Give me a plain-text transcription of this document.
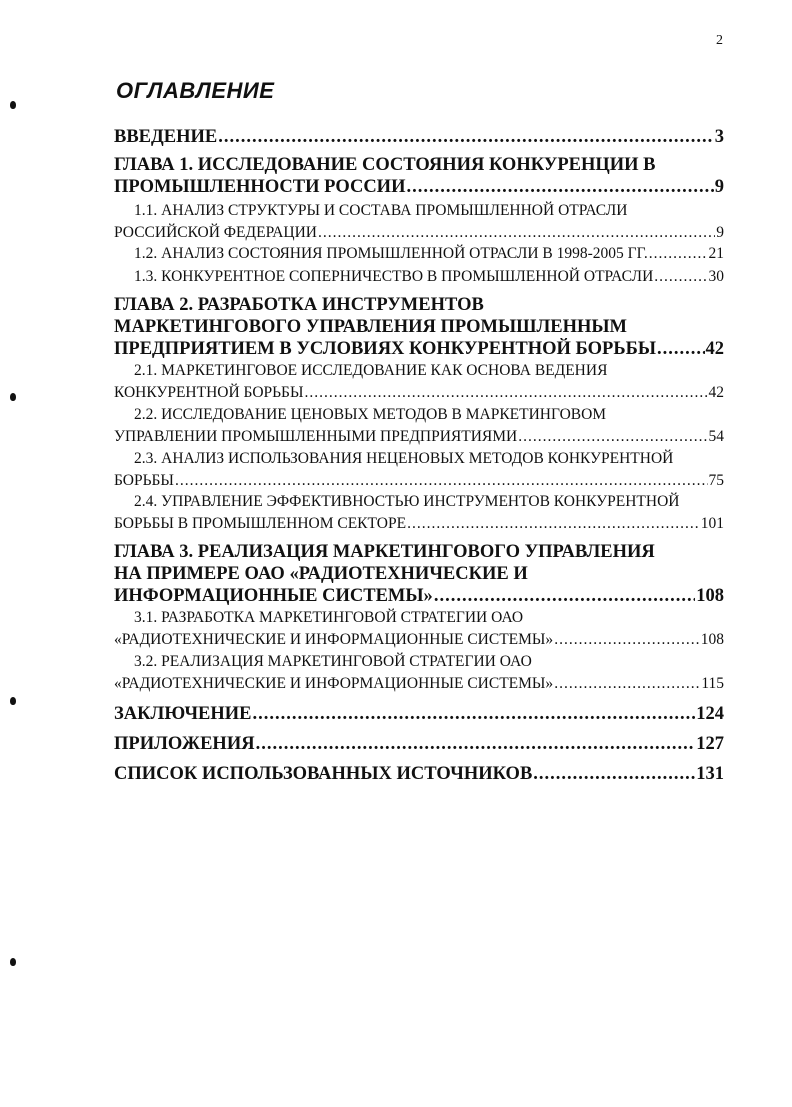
2
ОГЛАВЛЕНИЕ
ВВЕДЕНИЕ .....	3
ГЛАВА 1. ИССЛЕДОВАНИЕ СОСТОЯНИЯ КОНКУРЕНЦИИ В
ПРОМЫШЛЕННОСТИ РОССИИ .....	9
1.1. АНАЛИЗ СТРУКТУРЫ И СОСТАВА ПРОМЫШЛЕННОЙ ОТРАСЛИ
РОССИЙСКОЙ ФЕДЕРАЦИИ .....	9
1.2. АНАЛИЗ СОСТОЯНИЯ ПРОМЫШЛЕННОЙ ОТРАСЛИ В 1998-2005 ГГ. .....	21
1.3. КОНКУРЕНТНОЕ СОПЕРНИЧЕСТВО В ПРОМЫШЛЕННОЙ ОТРАСЛИ .....	30
ГЛАВА 2. РАЗРАБОТКА ИНСТРУМЕНТОВ
МАРКЕТИНГОВОГО УПРАВЛЕНИЯ ПРОМЫШЛЕННЫМ
ПРЕДПРИЯТИЕМ В УСЛОВИЯХ КОНКУРЕНТНОЙ БОРЬБЫ .....	42
2.1. МАРКЕТИНГОВОЕ ИССЛЕДОВАНИЕ КАК ОСНОВА ВЕДЕНИЯ
КОНКУРЕНТНОЙ БОРЬБЫ .....	42
2.2. ИССЛЕДОВАНИЕ ЦЕНОВЫХ МЕТОДОВ В МАРКЕТИНГОВОМ
УПРАВЛЕНИИ ПРОМЫШЛЕННЫМИ ПРЕДПРИЯТИЯМИ .....	54
2.3. АНАЛИЗ ИСПОЛЬЗОВАНИЯ НЕЦЕНОВЫХ МЕТОДОВ КОНКУРЕНТНОЙ
БОРЬБЫ .....	75
2.4. УПРАВЛЕНИЕ ЭФФЕКТИВНОСТЬЮ ИНСТРУМЕНТОВ КОНКУРЕНТНОЙ
БОРЬБЫ В ПРОМЫШЛЕННОМ СЕКТОРЕ .....	101
ГЛАВА 3. РЕАЛИЗАЦИЯ МАРКЕТИНГОВОГО УПРАВЛЕНИЯ
НА ПРИМЕРЕ ОАО «РАДИОТЕХНИЧЕСКИЕ И
ИНФОРМАЦИОННЫЕ СИСТЕМЫ» .....	108
3.1. РАЗРАБОТКА МАРКЕТИНГОВОЙ СТРАТЕГИИ ОАО
«РАДИОТЕХНИЧЕСКИЕ И ИНФОРМАЦИОННЫЕ СИСТЕМЫ» .....	108
3.2. РЕАЛИЗАЦИЯ МАРКЕТИНГОВОЙ СТРАТЕГИИ ОАО
«РАДИОТЕХНИЧЕСКИЕ И ИНФОРМАЦИОННЫЕ СИСТЕМЫ» .....	115
ЗАКЛЮЧЕНИЕ .....	124
ПРИЛОЖЕНИЯ .....	127
СПИСОК ИСПОЛЬЗОВАННЫХ ИСТОЧНИКОВ .....	131
